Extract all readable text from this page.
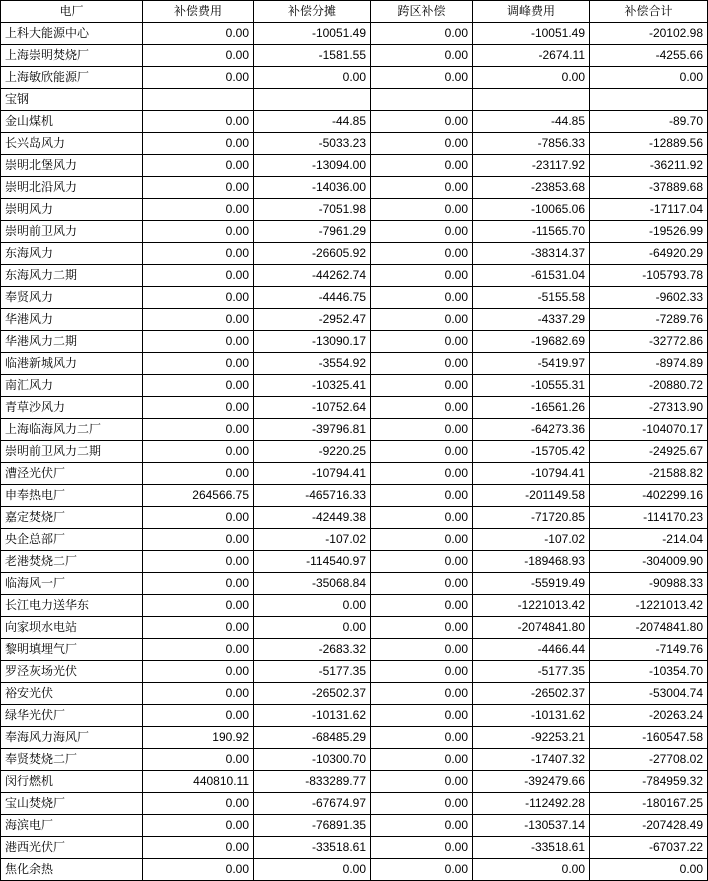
电厂	补偿费用	补偿分摊	跨区补偿	调峰费用	补偿合计
上科大能源中心	0.00	-10051.49	0.00	-10051.49	-20102.98
上海崇明焚烧厂	0.00	-1581.55	0.00	-2674.11	-4255.66
上海敏欣能源厂	0.00	0.00	0.00	0.00	0.00
宝钢					
金山煤机	0.00	-44.85	0.00	-44.85	-89.70
长兴岛风力	0.00	-5033.23	0.00	-7856.33	-12889.56
崇明北堡风力	0.00	-13094.00	0.00	-23117.92	-36211.92
崇明北沿风力	0.00	-14036.00	0.00	-23853.68	-37889.68
崇明风力	0.00	-7051.98	0.00	-10065.06	-17117.04
崇明前卫风力	0.00	-7961.29	0.00	-11565.70	-19526.99
东海风力	0.00	-26605.92	0.00	-38314.37	-64920.29
东海风力二期	0.00	-44262.74	0.00	-61531.04	-105793.78
奉贤风力	0.00	-4446.75	0.00	-5155.58	-9602.33
华港风力	0.00	-2952.47	0.00	-4337.29	-7289.76
华港风力二期	0.00	-13090.17	0.00	-19682.69	-32772.86
临港新城风力	0.00	-3554.92	0.00	-5419.97	-8974.89
南汇风力	0.00	-10325.41	0.00	-10555.31	-20880.72
青草沙风力	0.00	-10752.64	0.00	-16561.26	-27313.90
上海临海风力二厂	0.00	-39796.81	0.00	-64273.36	-104070.17
崇明前卫风力二期	0.00	-9220.25	0.00	-15705.42	-24925.67
漕泾光伏厂	0.00	-10794.41	0.00	-10794.41	-21588.82
申奉热电厂	264566.75	-465716.33	0.00	-201149.58	-402299.16
嘉定焚烧厂	0.00	-42449.38	0.00	-71720.85	-114170.23
央企总部厂	0.00	-107.02	0.00	-107.02	-214.04
老港焚烧二厂	0.00	-114540.97	0.00	-189468.93	-304009.90
临海风一厂	0.00	-35068.84	0.00	-55919.49	-90988.33
长江电力送华东	0.00	0.00	0.00	-1221013.42	-1221013.42
向家坝水电站	0.00	0.00	0.00	-2074841.80	-2074841.80
黎明填埋气厂	0.00	-2683.32	0.00	-4466.44	-7149.76
罗泾灰场光伏	0.00	-5177.35	0.00	-5177.35	-10354.70
裕安光伏	0.00	-26502.37	0.00	-26502.37	-53004.74
绿华光伏厂	0.00	-10131.62	0.00	-10131.62	-20263.24
奉海风力海风厂	190.92	-68485.29	0.00	-92253.21	-160547.58
奉贤焚烧二厂	0.00	-10300.70	0.00	-17407.32	-27708.02
闵行燃机	440810.11	-833289.77	0.00	-392479.66	-784959.32
宝山焚烧厂	0.00	-67674.97	0.00	-112492.28	-180167.25
海滨电厂	0.00	-76891.35	0.00	-130537.14	-207428.49
港西光伏厂	0.00	-33518.61	0.00	-33518.61	-67037.22
焦化余热	0.00	0.00	0.00	0.00	0.00
